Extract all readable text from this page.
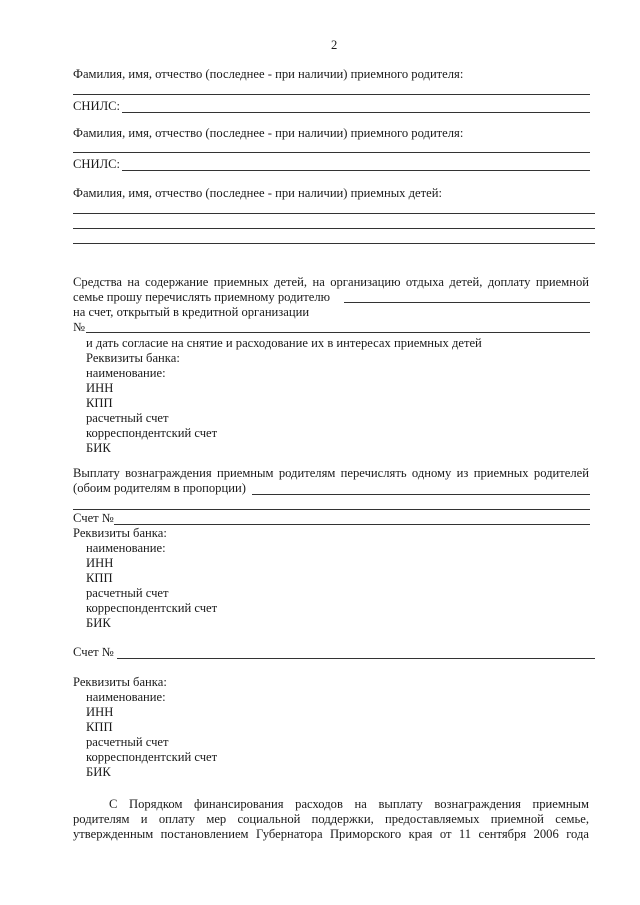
2
Фамилия, имя, отчество (последнее - при наличии) приемного родителя:
СНИЛС:
Фамилия, имя, отчество (последнее - при наличии) приемного родителя:
СНИЛС:
Фамилия, имя, отчество (последнее - при наличии) приемных детей:
Средства на содержание приемных детей, на организацию отдыха детей, доплату приемной
семье прошу перечислять приемному родителю
на счет, открытый в кредитной организации
№
и дать согласие на снятие и расходование их в интересах приемных детей
Реквизиты банка:
наименование:
ИНН
КПП
расчетный счет
корреспондентский счет
БИК
Выплату вознаграждения приемным родителям перечислять одному из приемных родителей
(обоим родителям в пропорции)
Счет №
Реквизиты банка:
наименование:
ИНН
КПП
расчетный счет
корреспондентский счет
БИК
Счет №
Реквизиты банка:
наименование:
ИНН
КПП
расчетный счет
корреспондентский счет
БИК
С Порядком финансирования расходов на выплату вознаграждения приемным
родителям и оплату мер социальной поддержки, предоставляемых приемной семье,
утвержденным постановлением Губернатора Приморского края от 11 сентября 2006 года
